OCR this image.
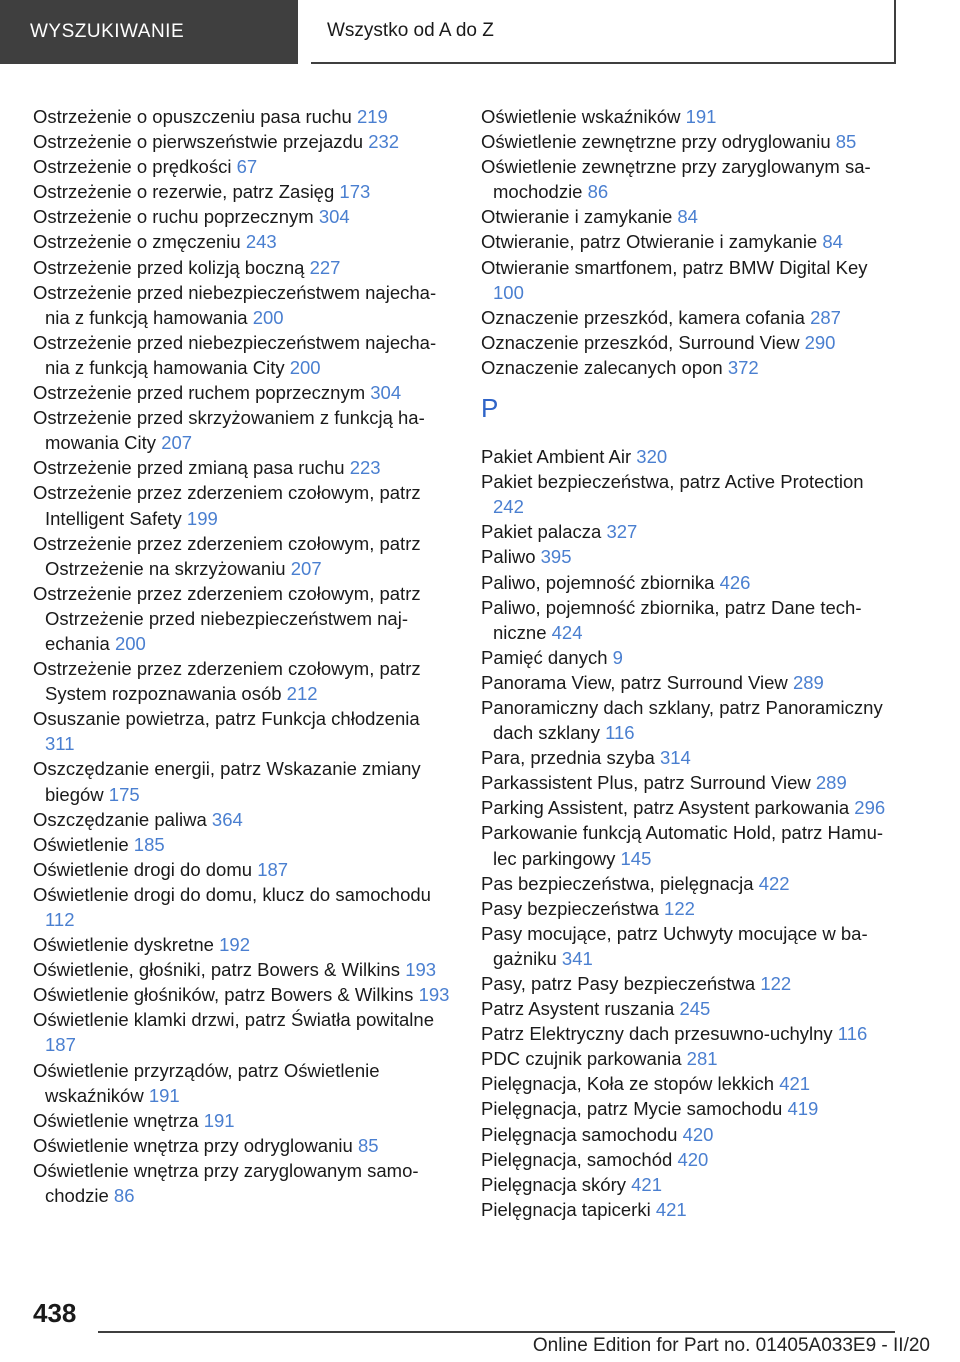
WYSZUKIWANIE	Wszystko od A do Z
Ostrzeżenie o opuszczeniu pasa ruchu 219
Ostrzeżenie o pierwszeństwie przejazdu 232
Ostrzeżenie o prędkości 67
Ostrzeżenie o rezerwie, patrz Zasięg 173
Ostrzeżenie o ruchu poprzecznym 304
Ostrzeżenie o zmęczeniu 243
Ostrzeżenie przed kolizją boczną 227
Ostrzeżenie przed niebezpieczeństwem najechania z funkcją hamowania 200
Ostrzeżenie przed niebezpieczeństwem najechania z funkcją hamowania City 200
Ostrzeżenie przed ruchem poprzecznym 304
Ostrzeżenie przed skrzyżowaniem z funkcją hamowania City 207
Ostrzeżenie przed zmianą pasa ruchu 223
Ostrzeżenie przez zderzeniem czołowym, patrz Intelligent Safety 199
Ostrzeżenie przez zderzeniem czołowym, patrz Ostrzeżenie na skrzyżowaniu 207
Ostrzeżenie przez zderzeniem czołowym, patrz Ostrzeżenie przed niebezpieczeństwem najechania 200
Ostrzeżenie przez zderzeniem czołowym, patrz System rozpoznawania osób 212
Osuszanie powietrza, patrz Funkcja chłodzenia 311
Oszczędzanie energii, patrz Wskazanie zmiany biegów 175
Oszczędzanie paliwa 364
Oświetlenie 185
Oświetlenie drogi do domu 187
Oświetlenie drogi do domu, klucz do samochodu 112
Oświetlenie dyskretne 192
Oświetlenie, głośniki, patrz Bowers & Wilkins 193
Oświetlenie głośników, patrz Bowers & Wilkins 193
Oświetlenie klamki drzwi, patrz Światła powitalne 187
Oświetlenie przyrządów, patrz Oświetlenie wskaźników 191
Oświetlenie wnętrza 191
Oświetlenie wnętrza przy odryglowaniu 85
Oświetlenie wnętrza przy zaryglowanym samochodzie 86
Oświetlenie wskaźników 191
Oświetlenie zewnętrzne przy odryglowaniu 85
Oświetlenie zewnętrzne przy zaryglowanym samochodzie 86
Otwieranie i zamykanie 84
Otwieranie, patrz Otwieranie i zamykanie 84
Otwieranie smartfonem, patrz BMW Digital Key 100
Oznaczenie przeszkód, kamera cofania 287
Oznaczenie przeszkód, Surround View 290
Oznaczenie zalecanych opon 372
P
Pakiet Ambient Air 320
Pakiet bezpieczeństwa, patrz Active Protection 242
Pakiet palacza 327
Paliwo 395
Paliwo, pojemność zbiornika 426
Paliwo, pojemność zbiornika, patrz Dane techniczne 424
Pamięć danych 9
Panorama View, patrz Surround View 289
Panoramiczny dach szklany, patrz Panoramiczny dach szklany 116
Para, przednia szyba 314
Parkassistent Plus, patrz Surround View 289
Parking Assistent, patrz Asystent parkowania 296
Parkowanie funkcją Automatic Hold, patrz Hamulec parkingowy 145
Pas bezpieczeństwa, pielęgnacja 422
Pasy bezpieczeństwa 122
Pasy mocujące, patrz Uchwyty mocujące w bagażniku 341
Pasy, patrz Pasy bezpieczeństwa 122
Patrz Asystent ruszania 245
Patrz Elektryczny dach przesuwno-uchylny 116
PDC czujnik parkowania 281
Pielęgnacja, Koła ze stopów lekkich 421
Pielęgnacja, patrz Mycie samochodu 419
Pielęgnacja samochodu 420
Pielęgnacja, samochód 420
Pielęgnacja skóry 421
Pielęgnacja tapicerki 421
438
Online Edition for Part no. 01405A033E9 - II/20
